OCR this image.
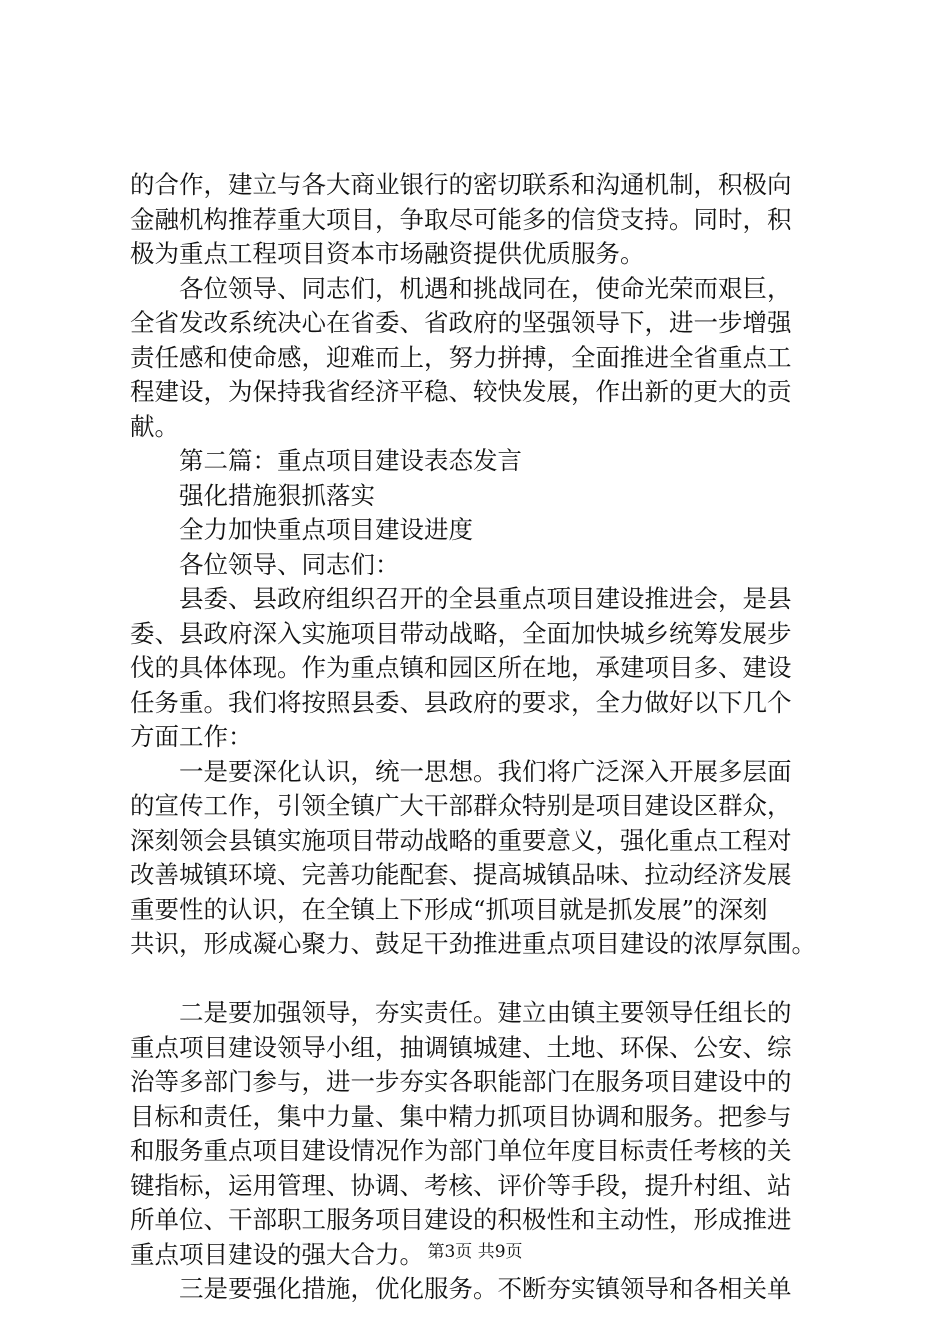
的合作，建立与各大商业银行的密切联系和沟通机制，积极向
金融机构推荐重大项目，争取尽可能多的信贷支持。同时，积
极为重点工程项目资本市场融资提供优质服务。
各位领导、同志们，机遇和挑战同在，使命光荣而艰巨，
全省发改系统决心在省委、省政府的坚强领导下，进一步增强
责任感和使命感，迎难而上，努力拼搏，全面推进全省重点工
程建设，为保持我省经济平稳、较快发展，作出新的更大的贡
献。
第二篇：重点项目建设表态发言
强化措施狠抓落实
全力加快重点项目建设进度
各位领导、同志们：
县委、县政府组织召开的全县重点项目建设推进会，是县
委、县政府深入实施项目带动战略，全面加快城乡统筹发展步
伐的具体体现。作为重点镇和园区所在地，承建项目多、建设
任务重。我们将按照县委、县政府的要求，全力做好以下几个
方面工作：
一是要深化认识，统一思想。我们将广泛深入开展多层面
的宣传工作，引领全镇广大干部群众特别是项目建设区群众，
深刻领会县镇实施项目带动战略的重要意义，强化重点工程对
改善城镇环境、完善功能配套、提高城镇品味、拉动经济发展
重要性的认识，在全镇上下形成“抓项目就是抓发展”的深刻
共识，形成凝心聚力、鼓足干劲推进重点项目建设的浓厚氛围。
二是要加强领导，夯实责任。建立由镇主要领导任组长的
重点项目建设领导小组，抽调镇城建、土地、环保、公安、综
治等多部门参与，进一步夯实各职能部门在服务项目建设中的
目标和责任，集中力量、集中精力抓项目协调和服务。把参与
和服务重点项目建设情况作为部门单位年度目标责任考核的关
键指标，运用管理、协调、考核、评价等手段，提升村组、站
所单位、干部职工服务项目建设的积极性和主动性，形成推进
重点项目建设的强大合力。
三是要强化措施，优化服务。不断夯实镇领导和各相关单
第3页 共9页
